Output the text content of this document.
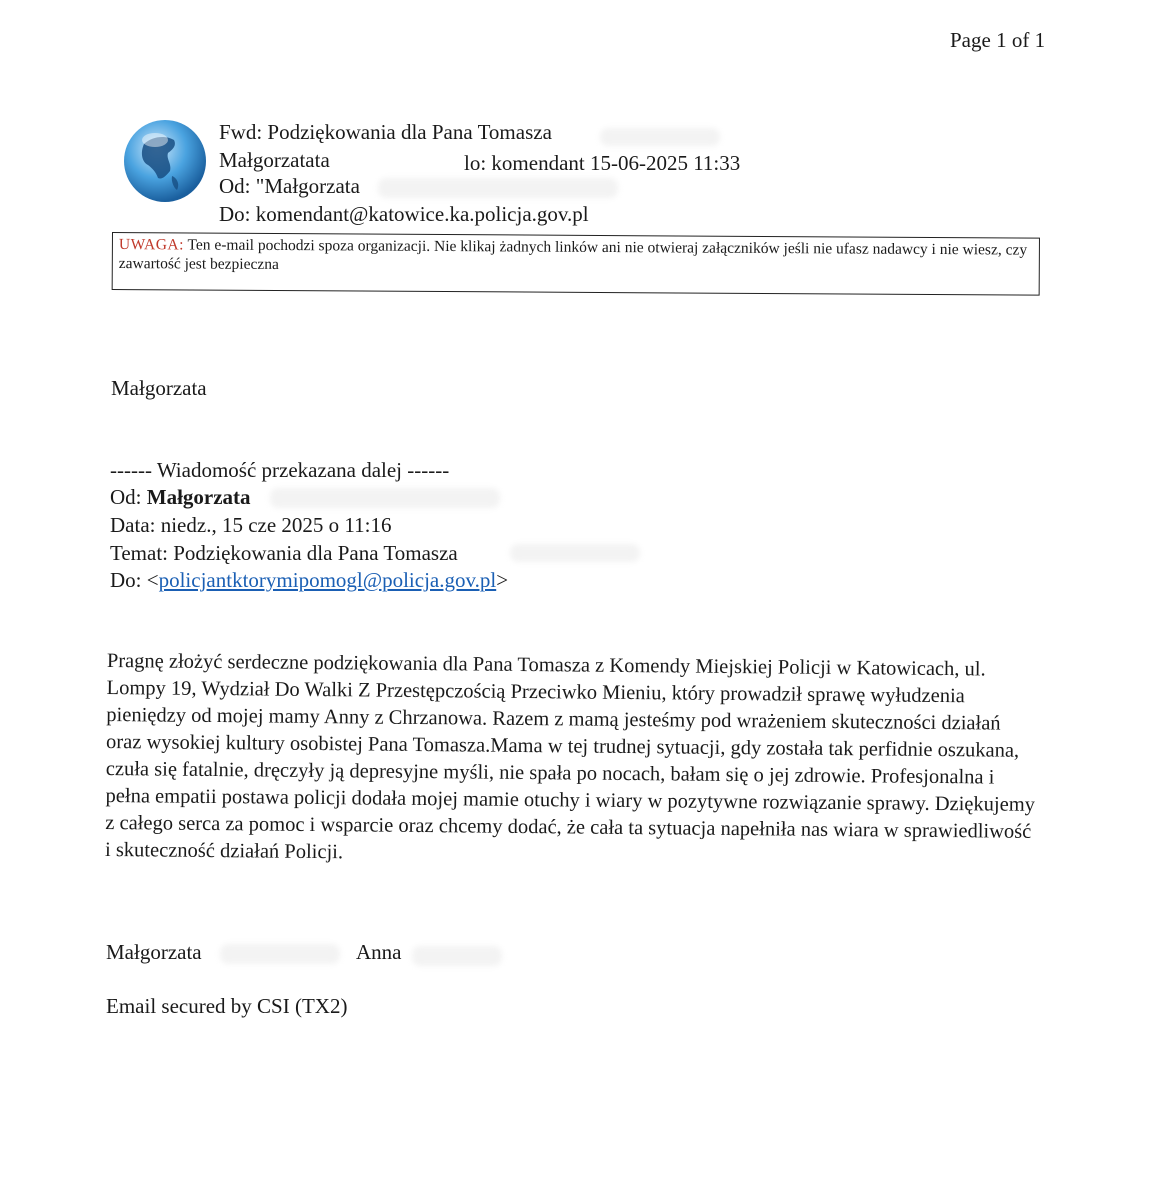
Page 1 of 1
Fwd: Podziękowania dla Pana Tomasza
Małgorzatata	lo: komendant 15-06-2025 11:33
Od: "Małgorzata
Do: komendant@katowice.ka.policja.gov.pl
UWAGA: Ten e-mail pochodzi spoza organizacji. Nie klikaj żadnych linków ani nie otwieraj załączników jeśli nie ufasz nadawcy i nie wiesz, czy zawartość jest bezpieczna
Małgorzata
------ Wiadomość przekazana dalej ------
Od: Małgorzata
Data: niedz., 15 cze 2025 o 11:16
Temat: Podziękowania dla Pana Tomasza
Do: <policjantktorymipomogl@policja.gov.pl>
Pragnę złożyć serdeczne podziękowania dla Pana Tomasza z Komendy Miejskiej Policji w Katowicach, ul. Lompy 19, Wydział Do Walki Z Przestępczością Przeciwko Mieniu, który prowadził sprawę wyłudzenia pieniędzy od mojej mamy Anny z Chrzanowa. Razem z mamą jesteśmy pod wrażeniem skuteczności działań oraz wysokiej kultury osobistej Pana Tomasza.Mama w tej trudnej sytuacji, gdy została tak perfidnie oszukana, czuła się fatalnie, dręczyły ją depresyjne myśli, nie spała po nocach, bałam się o jej zdrowie. Profesjonalna i pełna empatii postawa policji dodała mojej mamie otuchy i wiary w pozytywne rozwiązanie sprawy. Dziękujemy z całego serca za pomoc i wsparcie oraz chcemy dodać, że cała ta sytuacja napełniła nas wiara w sprawiedliwość i skuteczność działań Policji.
Małgorzata	Anna
Email secured by CSI (TX2)
